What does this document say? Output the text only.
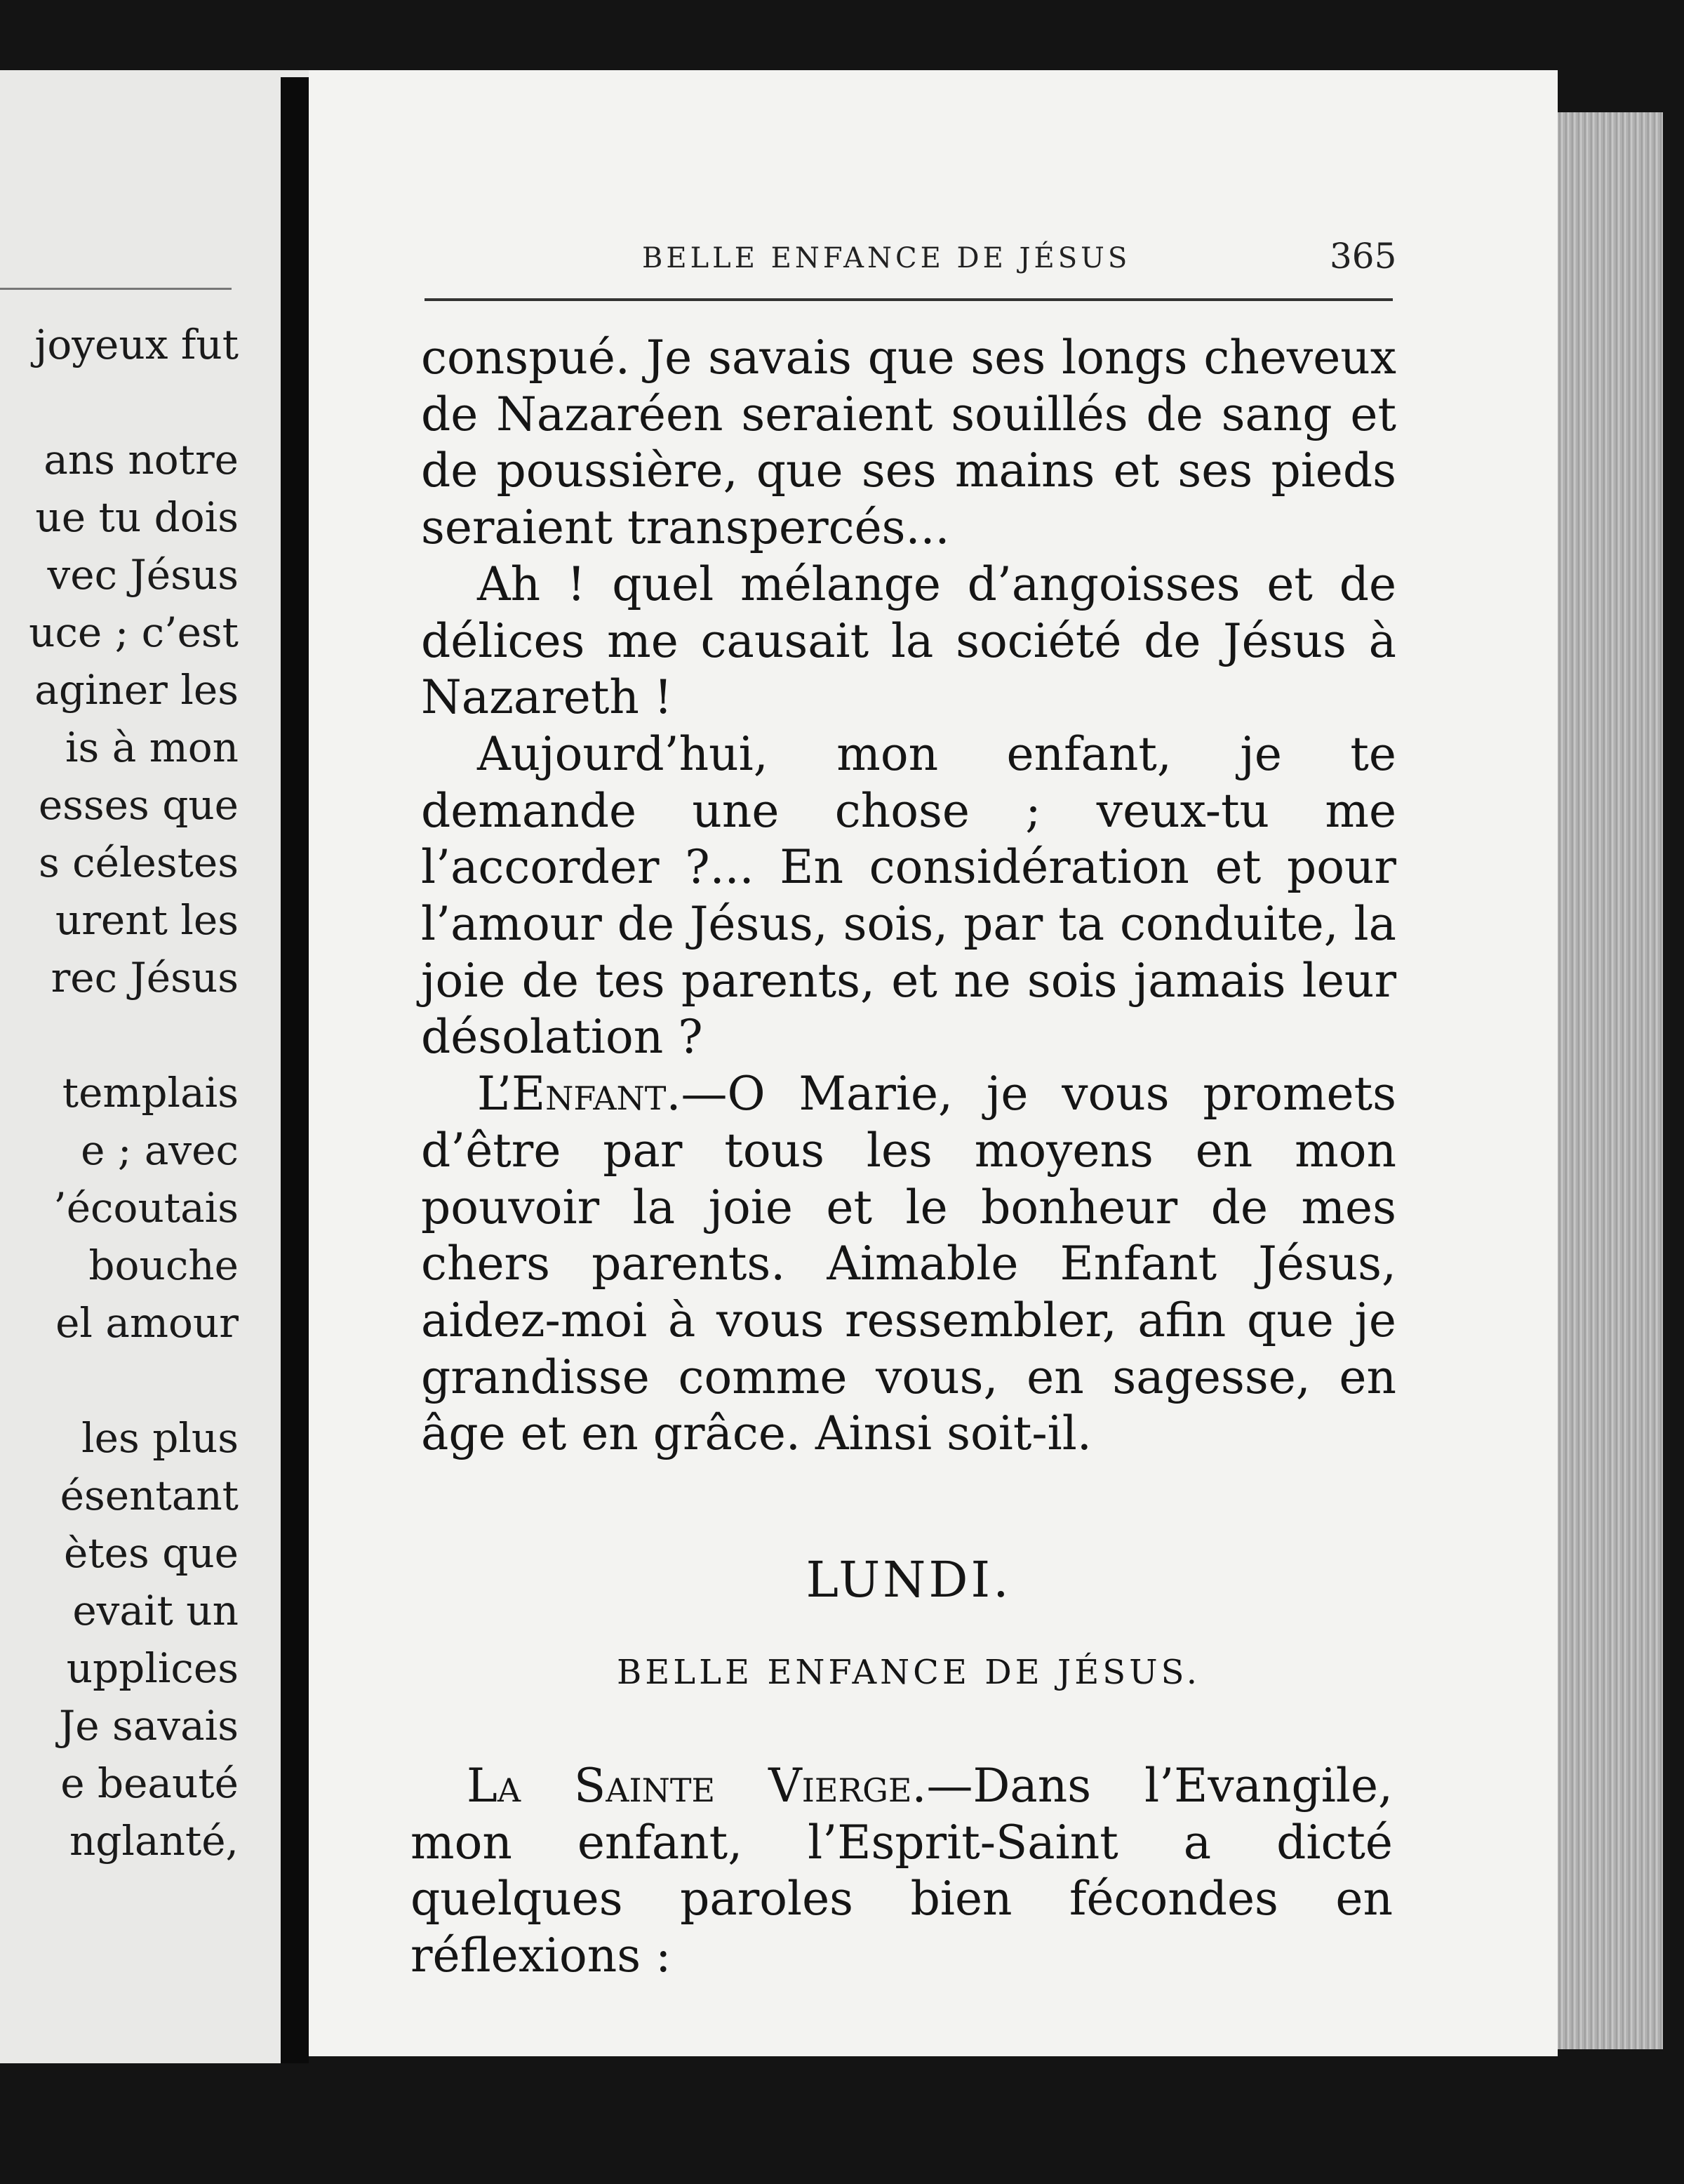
joyeux fut
ans notre
ue tu dois
vec Jésus
uce ; c’est
aginer les
is à mon
esses que
s célestes
urent les
rec Jésus
templais
e ; avec
’écoutais
bouche
el amour
les plus
ésentant
ètes que
evait un
upplices
Je savais
e beauté
nglanté,
BELLE ENFANCE DE JÉSUS	365

conspué. Je savais que ses longs cheveux de Nazaréen seraient souillés de sang et de poussière, que ses mains et ses pieds seraient transpercés...

Ah ! quel mélange d’angoisses et de délices me causait la société de Jésus à Nazareth !

Aujourd’hui, mon enfant, je te demande une chose ; veux-tu me l’accorder ?... En considération et pour l’amour de Jésus, sois, par ta conduite, la joie de tes parents, et ne sois jamais leur désolation ?

L’Enfant.—O Marie, je vous promets d’être par tous les moyens en mon pouvoir la joie et le bonheur de mes chers parents. Aimable Enfant Jésus, aidez-moi à vous ressembler, afin que je grandisse comme vous, en sagesse, en âge et en grâce. Ainsi soit-il.

LUNDI.
BELLE ENFANCE DE JÉSUS.

La Sainte Vierge.—Dans l’Evangile, mon enfant, l’Esprit-Saint a dicté quelques paroles bien fécondes en réflexions :
